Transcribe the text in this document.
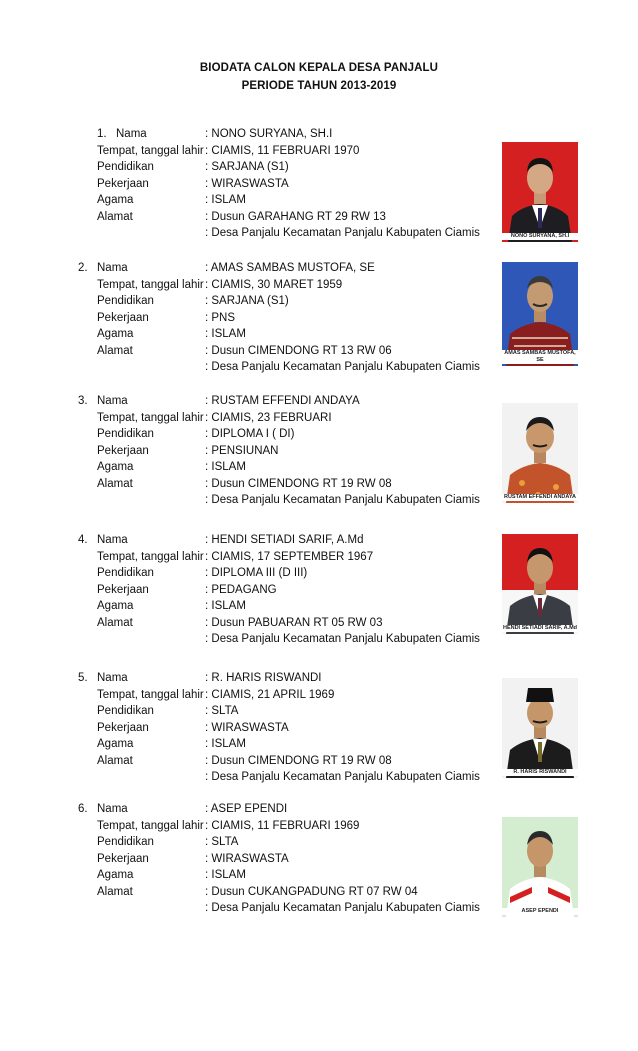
BIODATA CALON KEPALA DESA PANJALU
PERIODE TAHUN 2013-2019
1. Nama	: NONO SURYANA, SH.I
Tempat, tanggal lahir : CIAMIS, 11 FEBRUARI 1970
Pendidikan	: SARJANA (S1)
Pekerjaan	: WIRASWASTA
Agama	: ISLAM
Alamat	: Dusun GARAHANG RT 29 RW 13
: Desa Panjalu Kecamatan Panjalu Kabupaten Ciamis	NONO SURYANA, SH.I
2. Nama	: AMAS SAMBAS MUSTOFA, SE
Tempat, tanggal lahir : CIAMIS, 30 MARET 1959
Pendidikan	: SARJANA (S1)
Pekerjaan	: PNS
Agama	: ISLAM
Alamat	: Dusun CIMENDONG RT 13 RW 06
: Desa Panjalu Kecamatan Panjalu Kabupaten Ciamis
AMAS SAMBAS MUSTOFA, SE
3. Nama	: RUSTAM EFFENDI ANDAYA
Tempat, tanggal lahir : CIAMIS, 23 FEBRUARI
Pendidikan	: DIPLOMA I ( DI)
Pekerjaan	: PENSIUNAN
Agama	: ISLAM
Alamat	: Dusun CIMENDONG RT 19 RW 08
: Desa Panjalu Kecamatan Panjalu Kabupaten Ciamis	RUSTAM EFFENDI ANDAYA
4. Nama	: HENDI SETIADI SARIF, A.Md
Tempat, tanggal lahir : CIAMIS, 17 SEPTEMBER 1967
Pendidikan	: DIPLOMA III (D III)
Pekerjaan	: PEDAGANG
Agama	: ISLAM
Alamat	: Dusun PABUARAN RT 05 RW 03
: Desa Panjalu Kecamatan Panjalu Kabupaten Ciamis
HENDI SETIADI SARIF, A.Md
5. Nama	: R. HARIS RISWANDI
Tempat, tanggal lahir : CIAMIS, 21 APRIL 1969
Pendidikan	: SLTA
Pekerjaan	: WIRASWASTA
Agama	: ISLAM
Alamat	: Dusun CIMENDONG RT 19 RW 08
: Desa Panjalu Kecamatan Panjalu Kabupaten Ciamis	R. HARIS RISWANDI
6. Nama	: ASEP EPENDI
Tempat, tanggal lahir : CIAMIS, 11 FEBRUARI 1969
Pendidikan	: SLTA
Pekerjaan	: WIRASWASTA
Agama	: ISLAM
Alamat	: Dusun CUKANGPADUNG RT 07 RW 04
: Desa Panjalu Kecamatan Panjalu Kabupaten Ciamis	ASEP EPENDI
